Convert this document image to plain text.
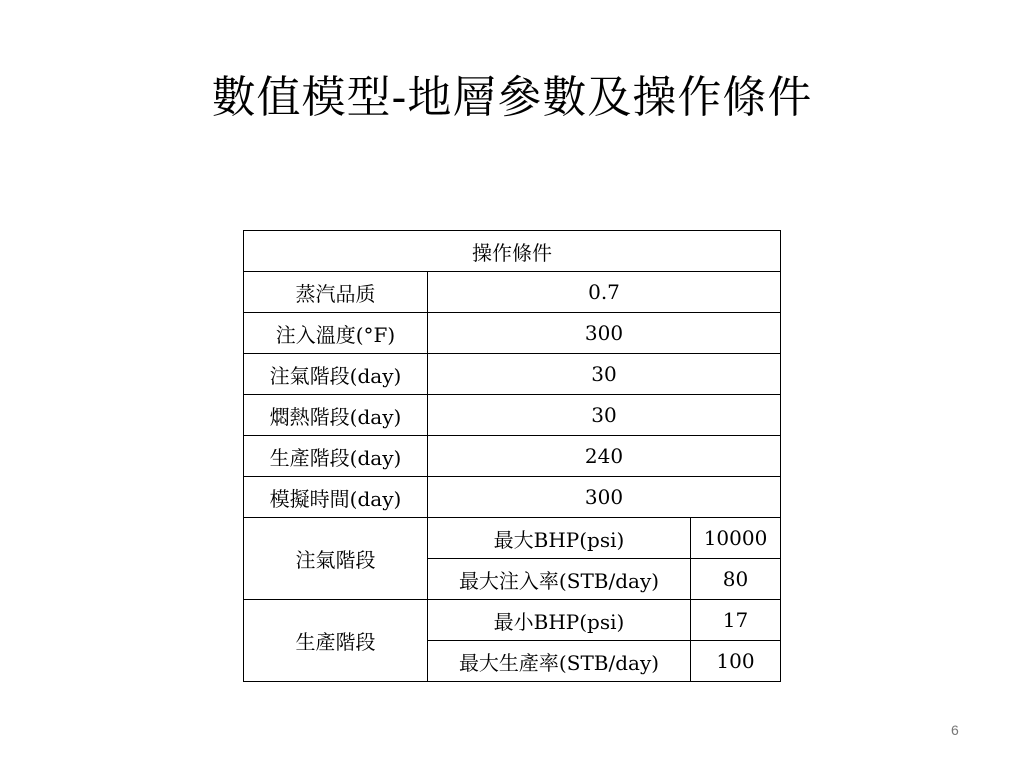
數值模型-地層參數及操作條件
操作條件		
蒸汽品质	0.7	
注入溫度(°F)	300	
注氣階段(day)	30	
燜熱階段(day)	30	
生產階段(day)	240	
模擬時間(day)	300	
注氣階段	最大BHP(psi)	10000
	最大注入率(STB/day)	80
生產階段	最小BHP(psi)	17
	最大生產率(STB/day)	100
6
